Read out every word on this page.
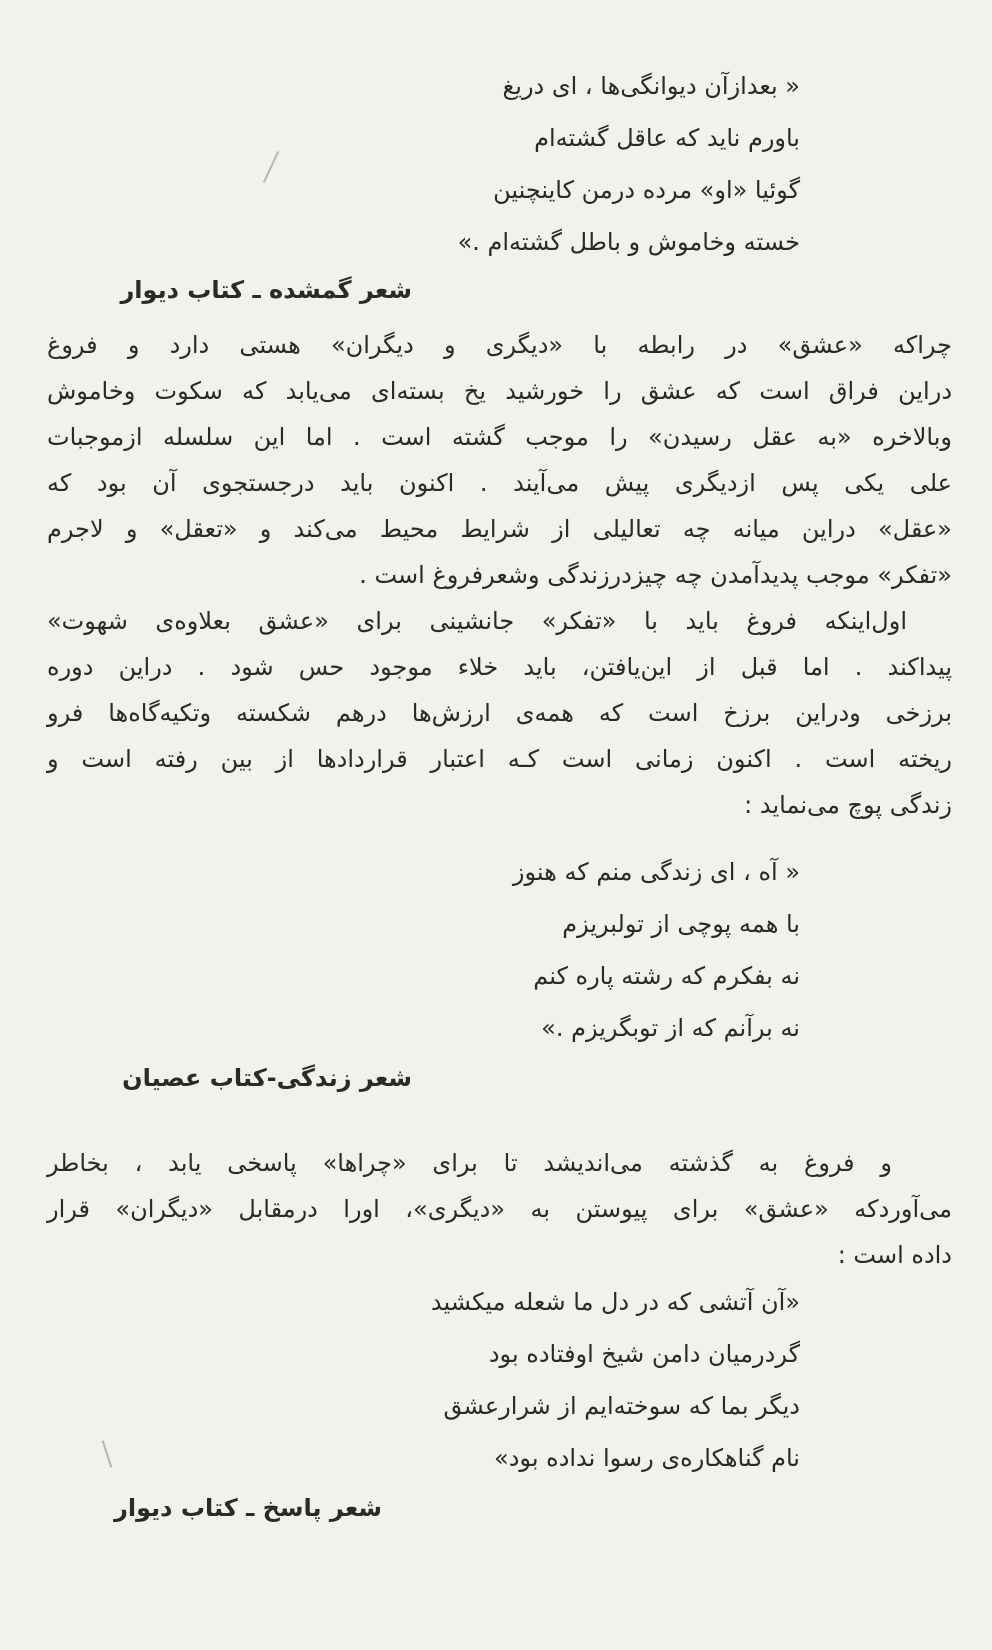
« بعدازآن دیوانگی‌ها ، ای دریغ
باورم ناید که عاقل گشته‌ام
گوئیا «او» مرده درمن کاینچنین
خسته وخاموش و باطل گشته‌ام .»
شعر گمشده ـ کتاب دیوار
چراکه «عشق» در رابطه با «دیگری و دیگران» هستی دارد و فروغ
دراین فراق است که عشق را خورشید یخ بسته‌ای می‌یابد که سکوت وخاموش
وبالاخره «به عقل رسیدن» را موجب گشته است . اما این سلسله ازموجبات
علی یکی پس ازدیگری پیش می‌آیند . اکنون باید درجستجوی آن بود که
«عقل» دراین میانه چه تعالیلی از شرایط محیط می‌کند و «تعقل» و لاجرم
«تفکر» موجب پدیدآمدن چه چیزدرزندگی وشعرفروغ است .
اول‌اینکه فروغ باید با «تفکر» جانشینی برای «عشق بعلاوه‌ی شهوت»
پیداکند . اما قبل از این‌یافتن، باید خلاء موجود حس شود . دراین دوره
برزخی ودراین برزخ است که همه‌ی ارزش‌ها درهم شکسته وتکیه‌گاه‌ها فرو
ریخته است . اکنون زمانی است کـه اعتبار قراردادها از بین رفته است و
زندگی پوچ می‌نماید :
« آه ، ای زندگی منم که هنوز
با همه پوچی از تولبریزم
نه بفکرم که رشته پاره کنم
نه برآنم که از توبگریزم .»
شعر زندگی-کتاب عصیان
و فروغ به گذشته می‌اندیشد تا برای «چراها» پاسخی یابد ، بخاطر
می‌آوردکه «عشق» برای پیوستن به «دیگری»، اورا درمقابل «دیگران» قرار
داده است :
«آن آتشی که در دل ما شعله میکشید
گردرمیان دامن شیخ اوفتاده بود
دیگر بما که سوخته‌ایم از شرارعشق
نام گناهکاره‌ی رسوا نداده بود»
شعر پاسخ ـ کتاب دیوار
